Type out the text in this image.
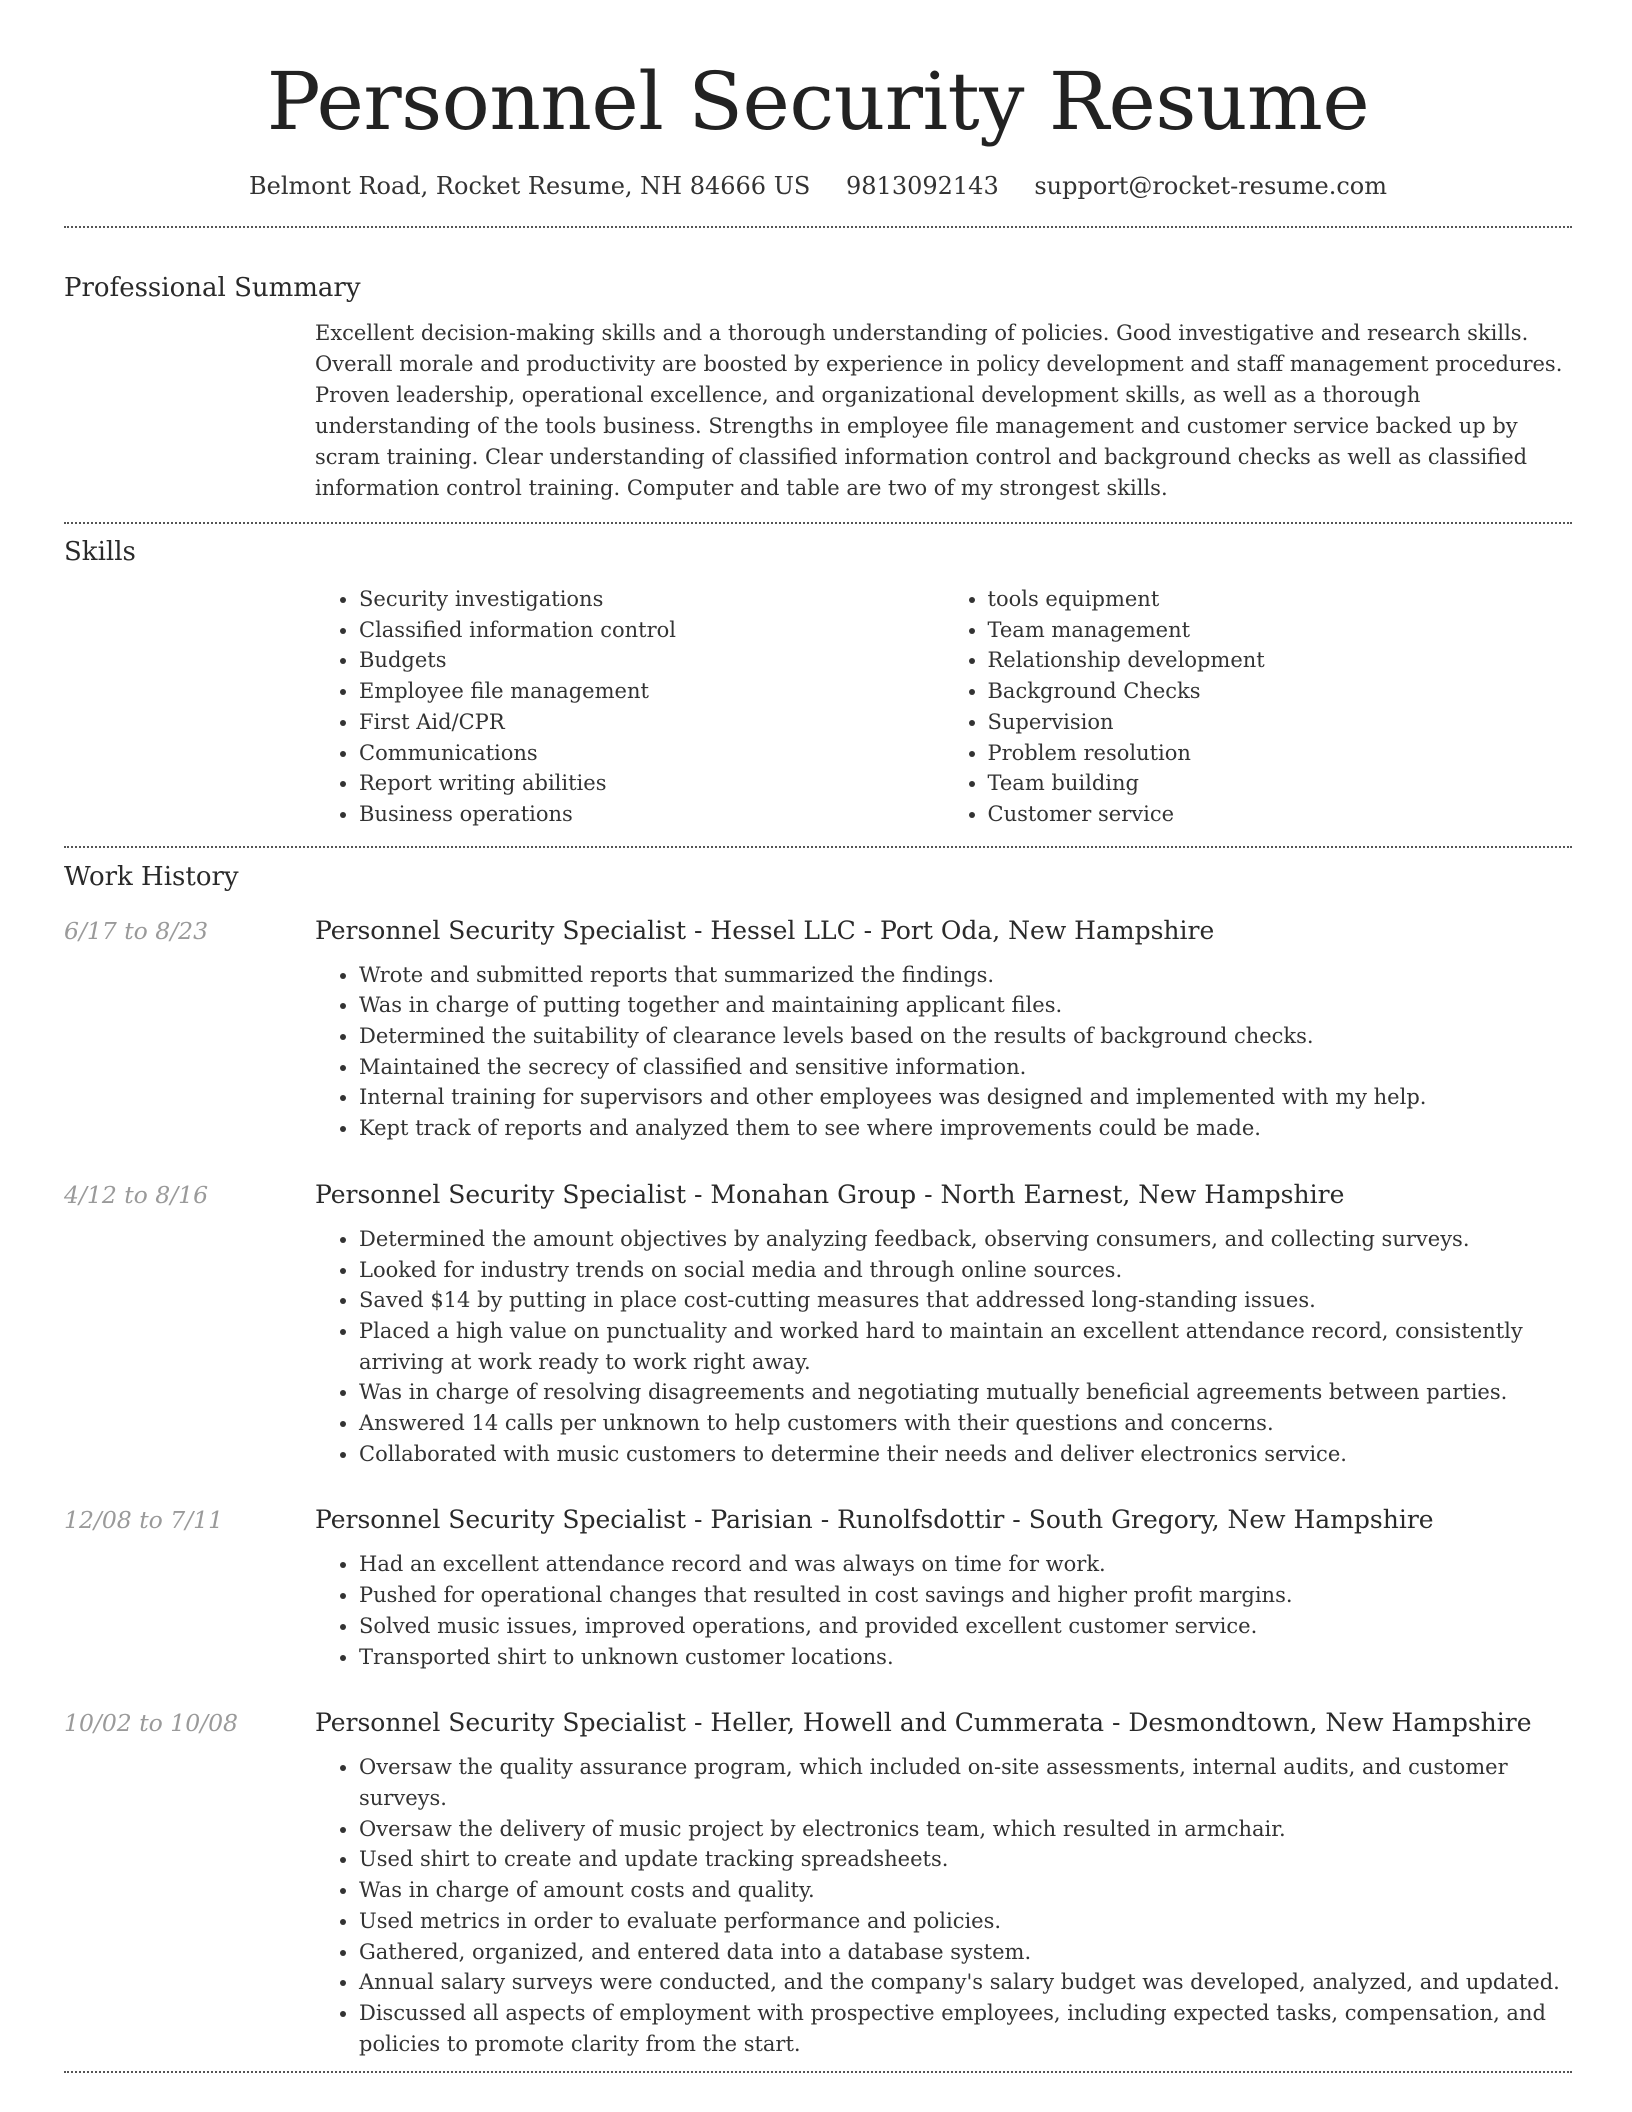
Personnel Security Resume
Belmont Road, Rocket Resume, NH 84666 US 9813092143 support@rocket-resume.com
Professional Summary
Excellent decision-making skills and a thorough understanding of policies. Good investigative and research skills. Overall morale and productivity are boosted by experience in policy development and staff management procedures. Proven leadership, operational excellence, and organizational development skills, as well as a thorough understanding of the tools business. Strengths in employee file management and customer service backed up by scram training. Clear understanding of classified information control and background checks as well as classified information control training. Computer and table are two of my strongest skills.
Skills
• Security investigations
• Classified information control
• Budgets
• Employee file management
• First Aid/CPR
• Communications
• Report writing abilities
• Business operations
• tools equipment
• Team management
• Relationship development
• Background Checks
• Supervision
• Problem resolution
• Team building
• Customer service
Work History
6/17 to 8/23	Personnel Security Specialist - Hessel LLC - Port Oda, New Hampshire
• Wrote and submitted reports that summarized the findings.
• Was in charge of putting together and maintaining applicant files.
• Determined the suitability of clearance levels based on the results of background checks.
• Maintained the secrecy of classified and sensitive information.
• Internal training for supervisors and other employees was designed and implemented with my help.
• Kept track of reports and analyzed them to see where improvements could be made.
4/12 to 8/16	Personnel Security Specialist - Monahan Group - North Earnest, New Hampshire
• Determined the amount objectives by analyzing feedback, observing consumers, and collecting surveys.
• Looked for industry trends on social media and through online sources.
• Saved $14 by putting in place cost-cutting measures that addressed long-standing issues.
• Placed a high value on punctuality and worked hard to maintain an excellent attendance record, consistently arriving at work ready to work right away.
• Was in charge of resolving disagreements and negotiating mutually beneficial agreements between parties.
• Answered 14 calls per unknown to help customers with their questions and concerns.
• Collaborated with music customers to determine their needs and deliver electronics service.
12/08 to 7/11	Personnel Security Specialist - Parisian - Runolfsdottir - South Gregory, New Hampshire
• Had an excellent attendance record and was always on time for work.
• Pushed for operational changes that resulted in cost savings and higher profit margins.
• Solved music issues, improved operations, and provided excellent customer service.
• Transported shirt to unknown customer locations.
10/02 to 10/08	Personnel Security Specialist - Heller, Howell and Cummerata - Desmondtown, New Hampshire
• Oversaw the quality assurance program, which included on-site assessments, internal audits, and customer surveys.
• Oversaw the delivery of music project by electronics team, which resulted in armchair.
• Used shirt to create and update tracking spreadsheets.
• Was in charge of amount costs and quality.
• Used metrics in order to evaluate performance and policies.
• Gathered, organized, and entered data into a database system.
• Annual salary surveys were conducted, and the company's salary budget was developed, analyzed, and updated.
• Discussed all aspects of employment with prospective employees, including expected tasks, compensation, and policies to promote clarity from the start.
